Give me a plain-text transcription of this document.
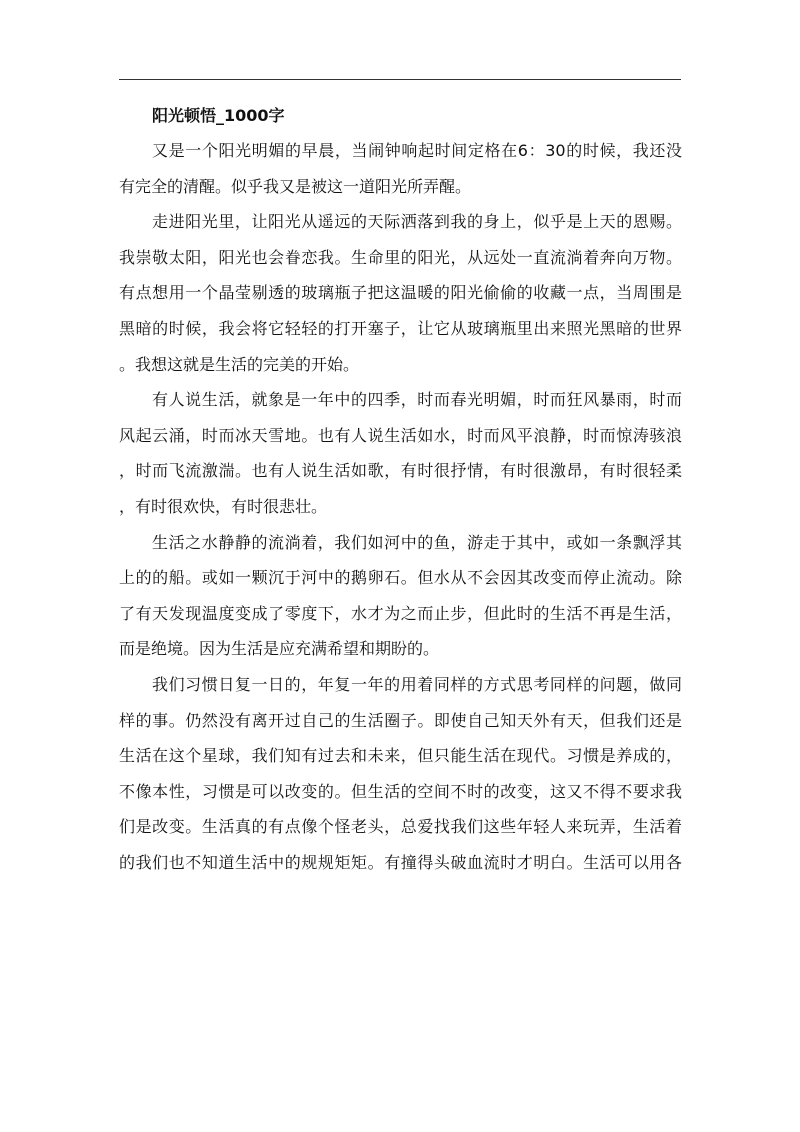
阳光顿悟_1000字
又是一个阳光明媚的早晨，当闹钟响起时间定格在6：30的时候，我还没
有完全的清醒。似乎我又是被这一道阳光所弄醒。
走进阳光里，让阳光从遥远的天际洒落到我的身上，似乎是上天的恩赐。
我崇敬太阳，阳光也会眷恋我。生命里的阳光，从远处一直流淌着奔向万物。
有点想用一个晶莹剔透的玻璃瓶子把这温暖的阳光偷偷的收藏一点，当周围是
黑暗的时候，我会将它轻轻的打开塞子，让它从玻璃瓶里出来照光黑暗的世界
。我想这就是生活的完美的开始。
有人说生活，就象是一年中的四季，时而春光明媚，时而狂风暴雨，时而
风起云涌，时而冰天雪地。也有人说生活如水，时而风平浪静，时而惊涛骇浪
，时而飞流激湍。也有人说生活如歌，有时很抒情，有时很激昂，有时很轻柔
，有时很欢快，有时很悲壮。
生活之水静静的流淌着，我们如河中的鱼，游走于其中，或如一条飘浮其
上的的船。或如一颗沉于河中的鹅卵石。但水从不会因其改变而停止流动。除
了有天发现温度变成了零度下，水才为之而止步，但此时的生活不再是生活，
而是绝境。因为生活是应充满希望和期盼的。
我们习惯日复一日的，年复一年的用着同样的方式思考同样的问题，做同
样的事。仍然没有离开过自己的生活圈子。即使自己知天外有天，但我们还是
生活在这个星球，我们知有过去和未来，但只能生活在现代。习惯是养成的，
不像本性，习惯是可以改变的。但生活的空间不时的改变，这又不得不要求我
们是改变。生活真的有点像个怪老头，总爱找我们这些年轻人来玩弄，生活着
的我们也不知道生活中的规规矩矩。有撞得头破血流时才明白。生活可以用各
